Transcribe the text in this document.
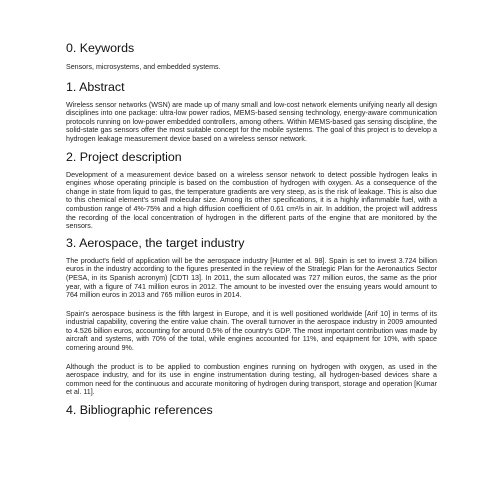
0. Keywords

Sensors, microsystems, and embedded systems.

1. Abstract

Wireless sensor networks (WSN) are made up of many small and low-cost network elements unifying nearly all design disciplines into one package: ultra-low power radios, MEMS-based sensing technology, energy-aware communication protocols running on low-power embedded controllers, among others. Within MEMS-based gas sensing discipline, the solid-state gas sensors offer the most suitable concept for the mobile systems. The goal of this project is to develop a hydrogen leakage measurement device based on a wireless sensor network.

2. Project description

Development of a measurement device based on a wireless sensor network to detect possible hydrogen leaks in engines whose operating principle is based on the combustion of hydrogen with oxygen. As a consequence of the change in state from liquid to gas, the temperature gradients are very steep, as is the risk of leakage. This is also due to this chemical element's small molecular size. Among its other specifications, it is a highly inflammable fuel, with a combustion range of 4%-75% and a high diffusion coefficient of 0.61 cm²/s in air. In addition, the project will address the recording of the local concentration of hydrogen in the different parts of the engine that are monitored by the sensors.

3. Aerospace, the target industry

The product's field of application will be the aerospace industry [Hunter et al. 98]. Spain is set to invest 3.724 billion euros in the industry according to the figures presented in the review of the Strategic Plan for the Aeronautics Sector (PESA, in its Spanish acronym) [CDTI 13]. In 2011, the sum allocated was 727 million euros, the same as the prior year, with a figure of 741 million euros in 2012. The amount to be invested over the ensuing years would amount to 764 million euros in 2013 and 765 million euros in 2014.

Spain's aerospace business is the fifth largest in Europe, and it is well positioned worldwide [Arif 10] in terms of its industrial capability, covering the entire value chain. The overall turnover in the aerospace industry in 2009 amounted to 4.526 billion euros, accounting for around 0.5% of the country's GDP. The most important contribution was made by aircraft and systems, with 70% of the total, while engines accounted for 11%, and equipment for 10%, with space cornering around 9%.

Although the product is to be applied to combustion engines running on hydrogen with oxygen, as used in the aerospace industry, and for its use in engine instrumentation during testing, all hydrogen-based devices share a common need for the continuous and accurate monitoring of hydrogen during transport, storage and operation [Kumar et al. 11].

4. Bibliographic references
